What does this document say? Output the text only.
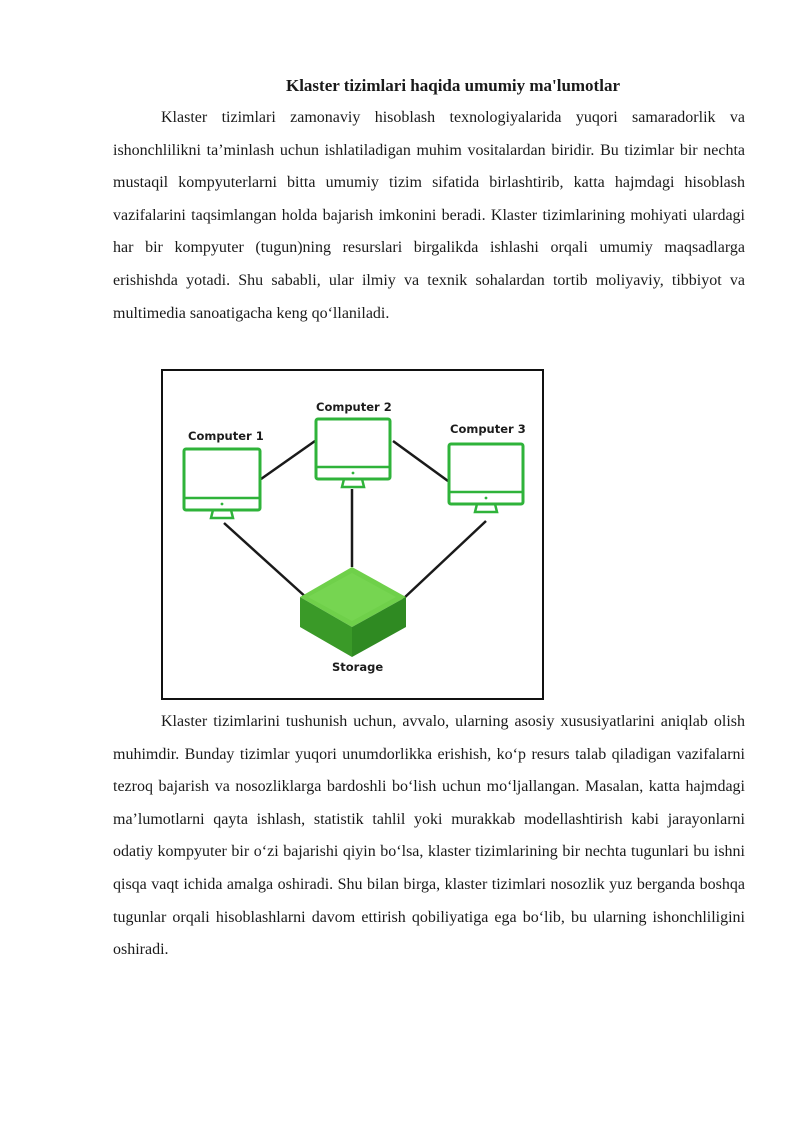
Klaster tizimlari haqida umumiy ma'lumotlar

Klaster tizimlari zamonaviy hisoblash texnologiyalarida yuqori samaradorlik va ishonchlilikni ta’minlash uchun ishlatiladigan muhim vositalardan biridir. Bu tizimlar bir nechta mustaqil kompyuterlarni bitta umumiy tizim sifatida birlashtirib, katta hajmdagi hisoblash vazifalarini taqsimlangan holda bajarish imkonini beradi. Klaster tizimlarining mohiyati ulardagi har bir kompyuter (tugun)ning resurslari birgalikda ishlashi orqali umumiy maqsadlarga erishishda yotadi. Shu sababli, ular ilmiy va texnik sohalardan tortib moliyaviy, tibbiyot va multimedia sanoatigacha keng qo‘llaniladi.

Computer 1
Computer 2
Computer 3
Storage

Klaster tizimlarini tushunish uchun, avvalo, ularning asosiy xususiyatlarini aniqlab olish muhimdir. Bunday tizimlar yuqori unumdorlikka erishish, ko‘p resurs talab qiladigan vazifalarni tezroq bajarish va nosozliklarga bardoshli bo‘lish uchun mo‘ljallangan. Masalan, katta hajmdagi ma’lumotlarni qayta ishlash, statistik tahlil yoki murakkab modellashtirish kabi jarayonlarni odatiy kompyuter bir o‘zi bajarishi qiyin bo‘lsa, klaster tizimlarining bir nechta tugunlari bu ishni qisqa vaqt ichida amalga oshiradi. Shu bilan birga, klaster tizimlari nosozlik yuz berganda boshqa tugunlar orqali hisoblashlarni davom ettirish qobiliyatiga ega bo‘lib, bu ularning ishonchliligini oshiradi.
